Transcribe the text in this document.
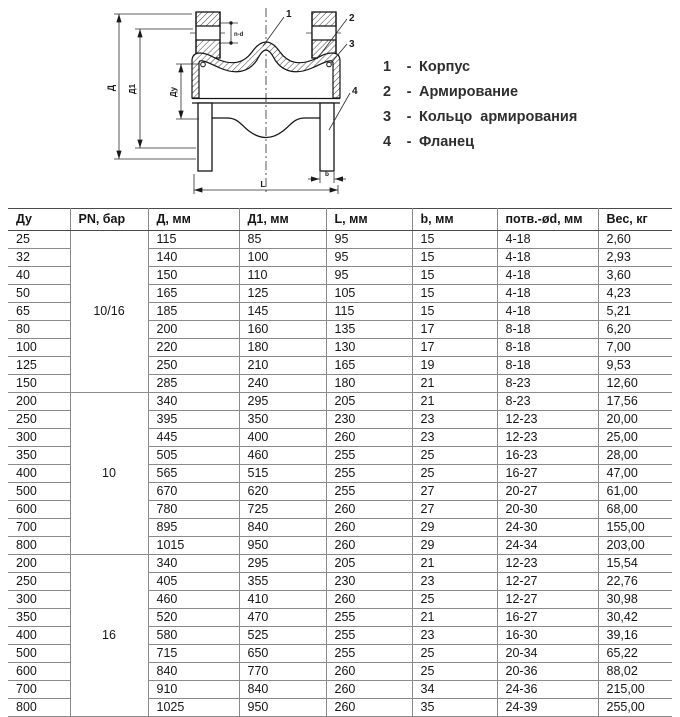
n-d
Д Д1	Ду
1	2
3
4
b
L
1	- Корпус
2	- Армирование
3	- Кольцо  армирования
4	- Фланец
Ду	PN, бар	Д, мм	Д1, мм	L, мм	b, мм	потв.-ød, мм	Вес, кг
25	10/16	115	85	95	15	4-18	2,60
32		140	100	95	15	4-18	2,93
40		150	110	95	15	4-18	3,60
50		165	125	105	15	4-18	4,23
65		185	145	115	15	4-18	5,21
80		200	160	135	17	8-18	6,20
100		220	180	130	17	8-18	7,00
125		250	210	165	19	8-18	9,53
150		285	240	180	21	8-23	12,60
200	10	340	295	205	21	8-23	17,56
250		395	350	230	23	12-23	20,00
300		445	400	260	23	12-23	25,00
350		505	460	255	25	16-23	28,00
400		565	515	255	25	16-27	47,00
500		670	620	255	27	20-27	61,00
600		780	725	260	27	20-30	68,00
700		895	840	260	29	24-30	155,00
800		1015	950	260	29	24-34	203,00
200	16	340	295	205	21	12-23	15,54
250		405	355	230	23	12-27	22,76
300		460	410	260	25	12-27	30,98
350		520	470	255	21	16-27	30,42
400		580	525	255	23	16-30	39,16
500		715	650	255	25	20-34	65,22
600		840	770	260	25	20-36	88,02
700		910	840	260	34	24-36	215,00
800		1025	950	260	35	24-39	255,00
